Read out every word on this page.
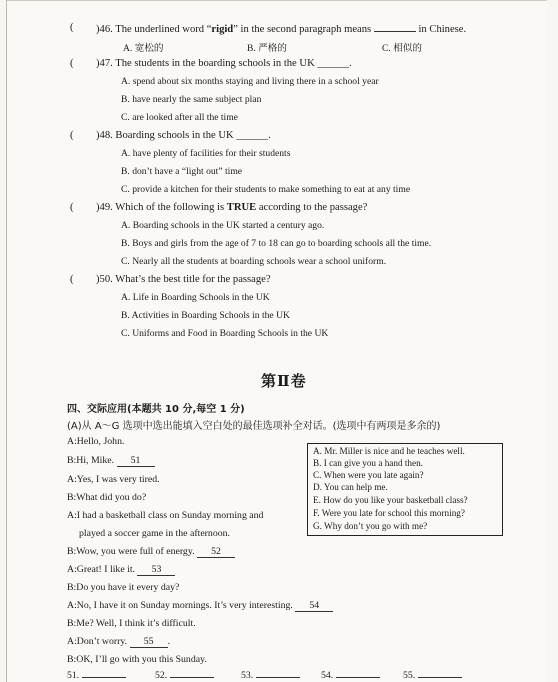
( )46. The underlined word “rigid” in the second paragraph means	in Chinese.
A. 宽松的	B. 严格的	C. 相似的
( )47. The students in the boarding schools in the UK ______.
A. spend about six months staying and living there in a school year
B. have nearly the same subject plan
C. are looked after all the time
( )48. Boarding schools in the UK ______.
A. have plenty of facilities for their students
B. don’t have a “light out” time
C. provide a kitchen for their students to make something to eat at any time
( )49. Which of the following is TRUE according to the passage?
A. Boarding schools in the UK started a century ago.
B. Boys and girls from the age of 7 to 18 can go to boarding schools all the time.
C. Nearly all the students at boarding schools wear a school uniform.
( )50. What’s the best title for the passage?
A. Life in Boarding Schools in the UK
B. Activities in Boarding Schools in the UK
C. Uniforms and Food in Boarding Schools in the UK
第Ⅱ卷
四、交际应用(本题共 10 分,每空 1 分)
(A)从 A～G 选项中选出能填入空白处的最佳选项补全对话。(选项中有两项是多余的)
A:Hello, John.
B:Hi, Mike. 51
A:Yes, I was very tired.
B:What did you do?
A:I had a basketball class on Sunday morning and
played a soccer game in the afternoon.
B:Wow, you were full of energy. 52
A:Great! I like it. 53
B:Do you have it every day?
A:No, I have it on Sunday mornings. It’s very interesting. 54
B:Me? Well, I think it’s difficult.
A:Don’t worry. 55 .
B:OK, I’ll go with you this Sunday.
A. Mr. Miller is nice and he teaches well.
B. I can give you a hand then.
C. When were you late again?
D. You can help me.
E. How do you like your basketball class?
F. Were you late for school this morning?
G. Why don’t you go with me?
51.	52.	53.	54.	55.
